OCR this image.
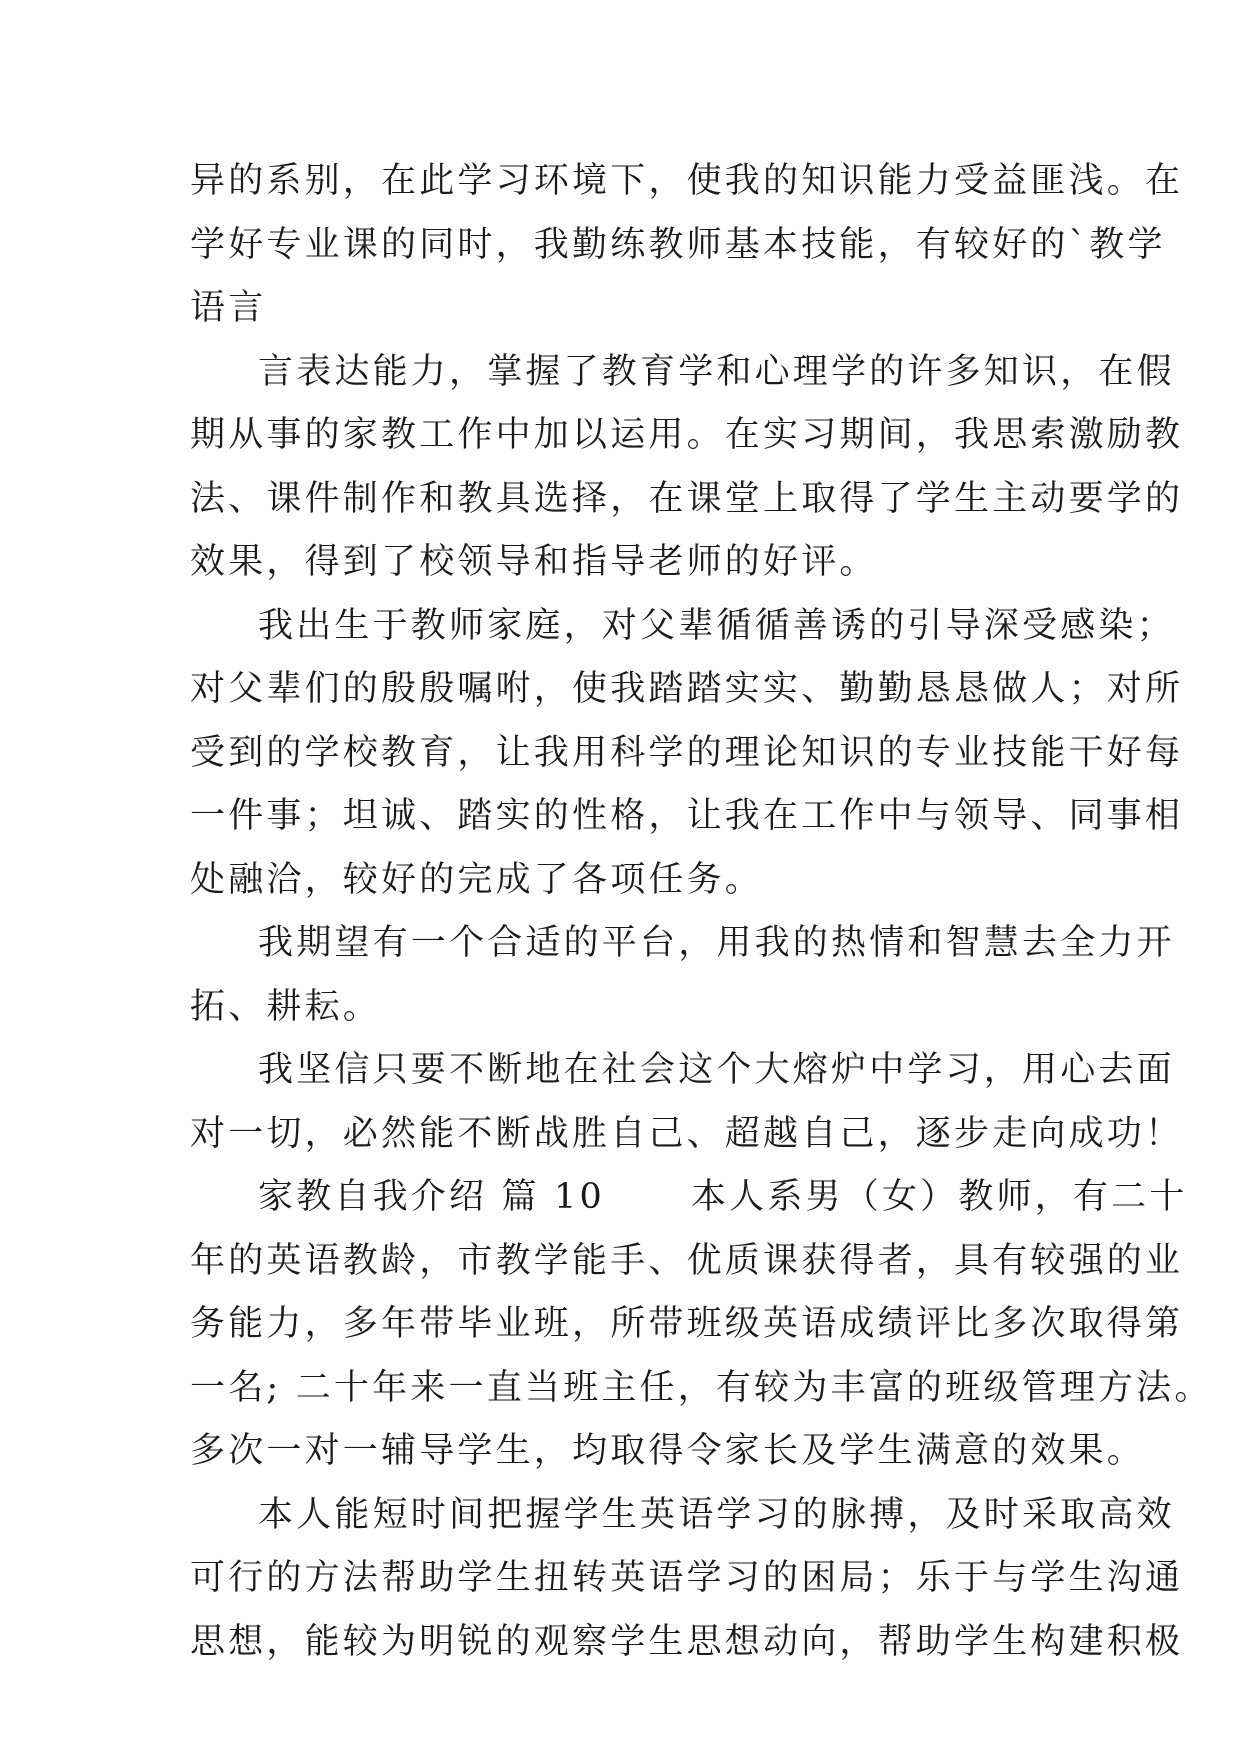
异的系别，在此学习环境下，使我的知识能力受益匪浅。在
学好专业课的同时，我勤练教师基本技能，有较好的`教学
语言
言表达能力，掌握了教育学和心理学的许多知识，在假
期从事的家教工作中加以运用。在实习期间，我思索激励教
法、课件制作和教具选择，在课堂上取得了学生主动要学的
效果，得到了校领导和指导老师的好评。
我出生于教师家庭，对父辈循循善诱的引导深受感染；
对父辈们的殷殷嘱咐，使我踏踏实实、勤勤恳恳做人；对所
受到的学校教育，让我用科学的理论知识的专业技能干好每
一件事；坦诚、踏实的性格，让我在工作中与领导、同事相
处融洽，较好的完成了各项任务。
我期望有一个合适的平台，用我的热情和智慧去全力开
拓、耕耘。
我坚信只要不断地在社会这个大熔炉中学习，用心去面
对一切，必然能不断战胜自己、超越自己，逐步走向成功！
家教自我介绍 篇 10      本人系男（女）教师，有二十
年的英语教龄，市教学能手、优质课获得者，具有较强的业
务能力，多年带毕业班，所带班级英语成绩评比多次取得第
一名; 二十年来一直当班主任，有较为丰富的班级管理方法。
多次一对一辅导学生，均取得令家长及学生满意的效果。
本人能短时间把握学生英语学习的脉搏，及时采取高效
可行的方法帮助学生扭转英语学习的困局；乐于与学生沟通
思想，能较为明锐的观察学生思想动向，帮助学生构建积极
